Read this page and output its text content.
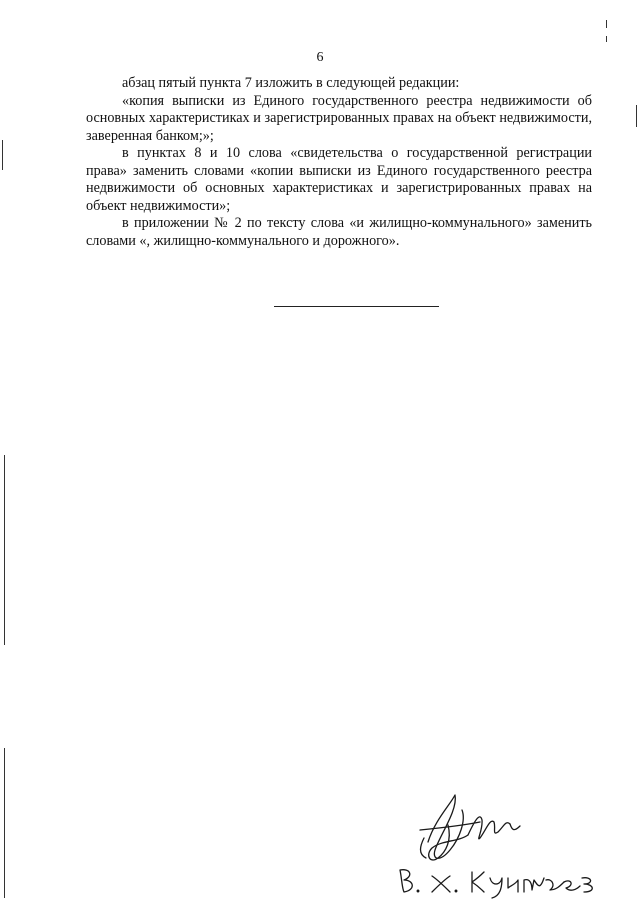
6

абзац пятый пункта 7 изложить в следующей редакции:

«копия выписки из Единого государственного реестра недвижимости об основных характеристиках и зарегистрированных правах на объект недвижимости, заверенная банком;»;

в пунктах 8 и 10 слова «свидетельства о государственной регистрации права» заменить словами «копии выписки из Единого государственного реестра недвижимости об основных характеристиках и зарегистрированных правах на объект недвижимости»;

в приложении № 2 по тексту слова «и жилищно-коммунального» заменить словами «, жилищно-коммунального и дорожного».
